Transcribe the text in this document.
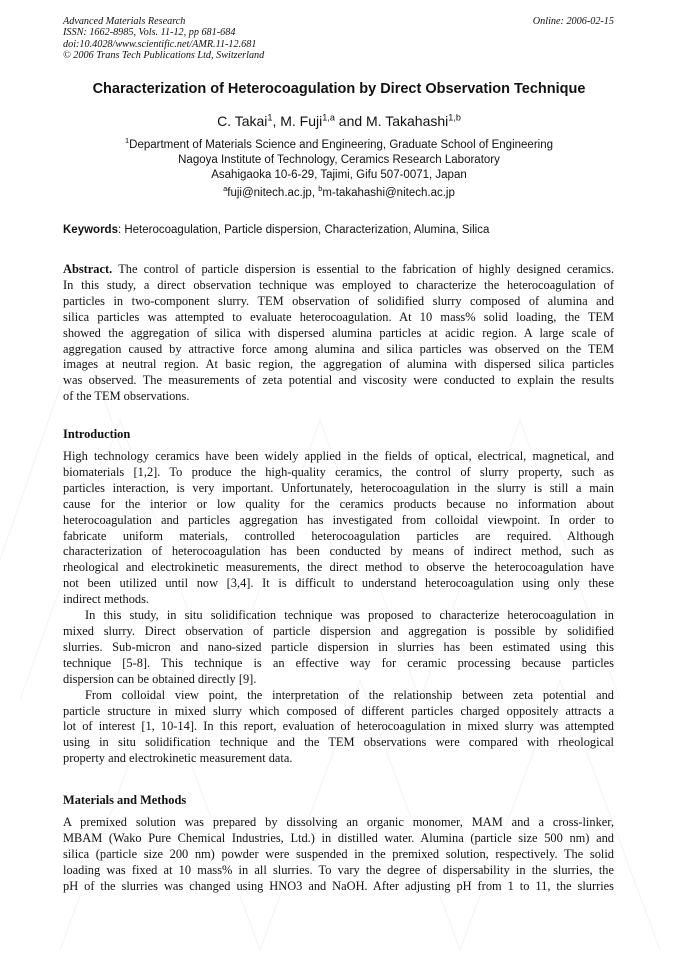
Advanced Materials Research
ISSN: 1662-8985, Vols. 11-12, pp 681-684
doi:10.4028/www.scientific.net/AMR.11-12.681
© 2006 Trans Tech Publications Ltd, Switzerland
Online: 2006-02-15
Characterization of Heterocoagulation by Direct Observation Technique
C. Takai$^1$, M. Fuji$^{1,a}$ and M. Takahashi$^{1,b}$
$^1$Department of Materials Science and Engineering, Graduate School of Engineering
Nagoya Institute of Technology, Ceramics Research Laboratory
Asahigaoka 10-6-29, Tajimi, Gifu 507-0071, Japan
$^a$fuji@nitech.ac.jp, $^b$m-takahashi@nitech.ac.jp
Keywords: Heterocoagulation, Particle dispersion, Characterization, Alumina, Silica
Abstract. The control of particle dispersion is essential to the fabrication of highly designed ceramics.
In this study, a direct observation technique was employed to characterize the heterocoagulation of
particles in two-component slurry. TEM observation of solidified slurry composed of alumina and
silica particles was attempted to evaluate heterocoagulation. At 10 mass% solid loading, the TEM
showed the aggregation of silica with dispersed alumina particles at acidic region. A large scale of
aggregation caused by attractive force among alumina and silica particles was observed on the TEM
images at neutral region. At basic region, the aggregation of alumina with dispersed silica particles
was observed. The measurements of zeta potential and viscosity were conducted to explain the results
of the TEM observations.
Introduction
High technology ceramics have been widely applied in the fields of optical, electrical, magnetical, and
biomaterials [1,2]. To produce the high-quality ceramics, the control of slurry property, such as
particles interaction, is very important. Unfortunately, heterocoagulation in the slurry is still a main
cause for the interior or low quality for the ceramics products because no information about
heterocoagulation and particles aggregation has investigated from colloidal viewpoint. In order to
fabricate uniform materials, controlled heterocoagulation particles are required. Although
characterization of heterocoagulation has been conducted by means of indirect method, such as
rheological and electrokinetic measurements, the direct method to observe the heterocoagulation have
not been utilized until now [3,4]. It is difficult to understand heterocoagulation using only these
indirect methods.
In this study, in situ solidification technique was proposed to characterize heterocoagulation in
mixed slurry. Direct observation of particle dispersion and aggregation is possible by solidified
slurries. Sub-micron and nano-sized particle dispersion in slurries has been estimated using this
technique [5-8]. This technique is an effective way for ceramic processing because particles
dispersion can be obtained directly [9].
From colloidal view point, the interpretation of the relationship between zeta potential and
particle structure in mixed slurry which composed of different particles charged oppositely attracts a
lot of interest [1, 10-14]. In this report, evaluation of heterocoagulation in mixed slurry was attempted
using in situ solidification technique and the TEM observations were compared with rheological
property and electrokinetic measurement data.
Materials and Methods
A premixed solution was prepared by dissolving an organic monomer, MAM and a cross-linker,
MBAM (Wako Pure Chemical Industries, Ltd.) in distilled water. Alumina (particle size 500 nm) and
silica (particle size 200 nm) powder were suspended in the premixed solution, respectively. The solid
loading was fixed at 10 mass% in all slurries. To vary the degree of dispersability in the slurries, the
pH of the slurries was changed using HNO3 and NaOH. After adjusting pH from 1 to 11, the slurries
